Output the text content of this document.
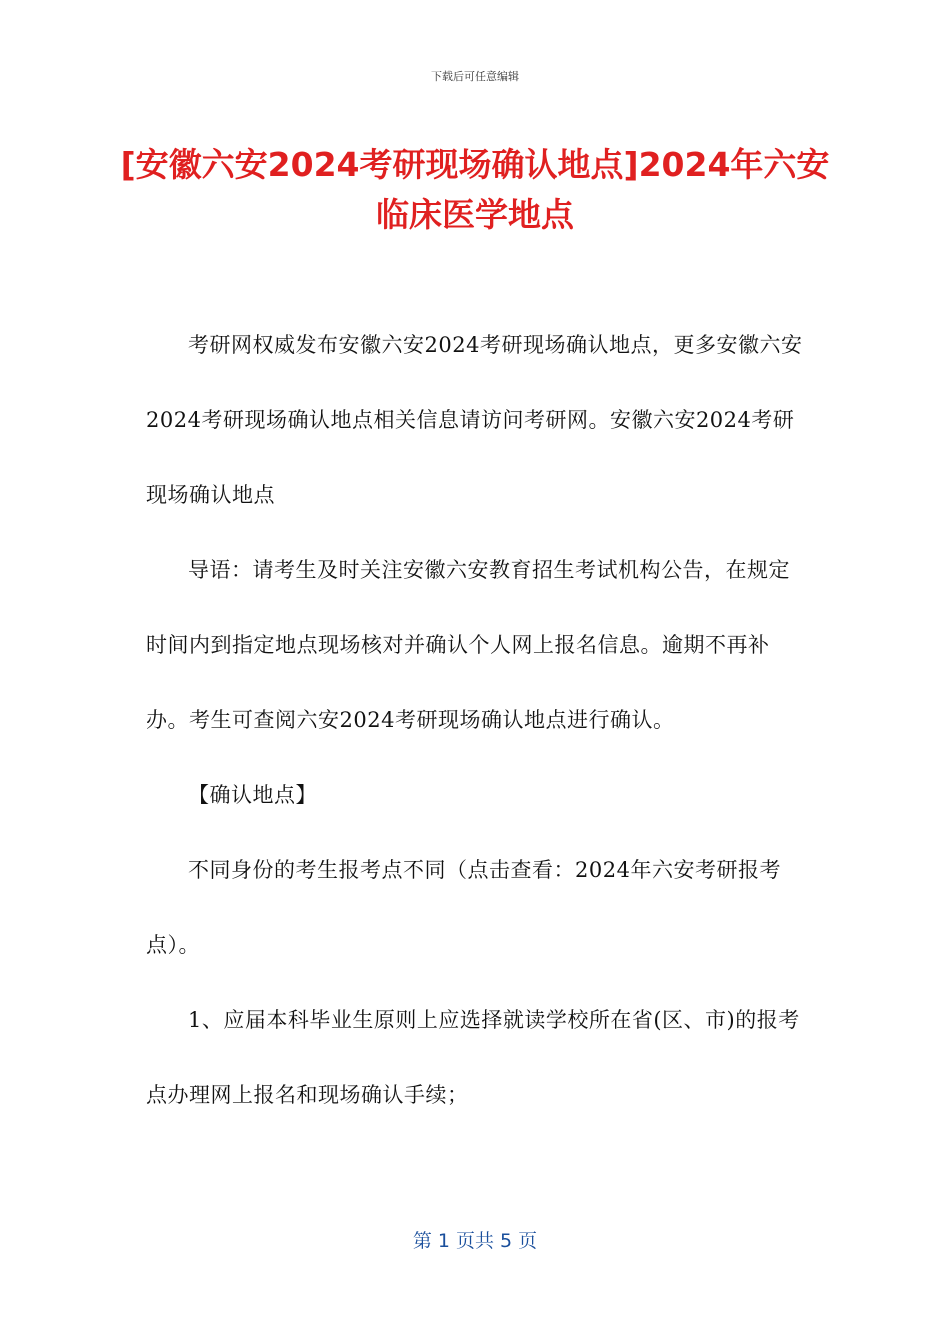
下载后可任意编辑
[安徽六安2024考研现场确认地点]2024年六安临床医学地点

考研网权威发布安徽六安2024考研现场确认地点，更多安徽六安2024考研现场确认地点相关信息请访问考研网。安徽六安2024考研现场确认地点

导语：请考生及时关注安徽六安教育招生考试机构公告，在规定时间内到指定地点现场核对并确认个人网上报名信息。逾期不再补办。考生可查阅六安2024考研现场确认地点进行确认。

【确认地点】

不同身份的考生报考点不同（点击查看：2024年六安考研报考点）。

1、应届本科毕业生原则上应选择就读学校所在省(区、市)的报考点办理网上报名和现场确认手续；

第 1 页共 5 页
